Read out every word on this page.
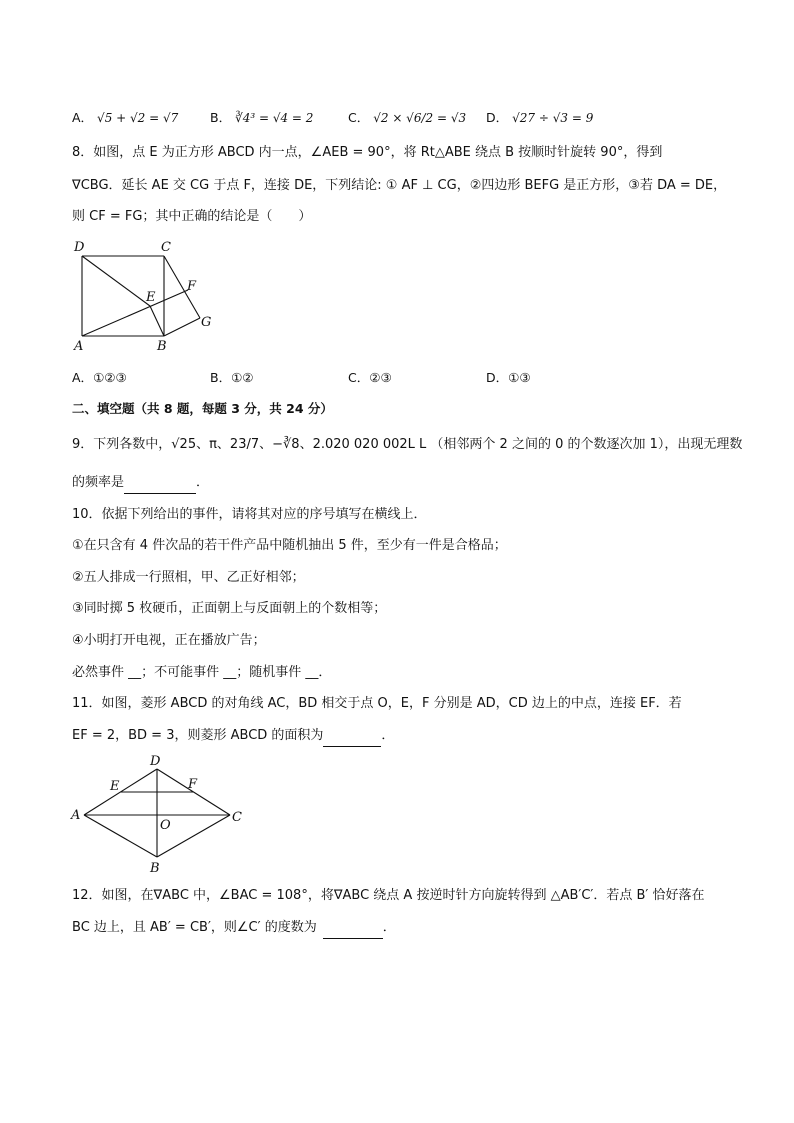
A． √5 + √2 = √7	B． ∛4³ = √4 = 2	C． √2 × √6/2 = √3 D． √27 ÷ √3 = 9
8．如图，点 E 为正方形 ABCD 内一点，∠AEB = 90°，将 Rt△ABE 绕点 B 按顺时针旋转 90°，得到
∇CBG．延长 AE 交 CG 于点 F，连接 DE，下列结论: ① AF ⊥ CG，②四边形 BEFG 是正方形，③若 DA = DE，
则 CF = FG；其中正确的结论是（　　）
D	C
E
F
G
A	B
A．①②③	B．①②	C．②③	D．①③
二、填空题（共 8 题，每题 3 分，共 24 分）
9．下列各数中，√25、π、23/7、−∛8、2.020 020 002L L （相邻两个 2 之间的 0 的个数逐次加 1），出现无理数
的频率是	．
10．依据下列给出的事件，请将其对应的序号填写在横线上．
①在只含有 4 件次品的若干件产品中随机抽出 5 件，至少有一件是合格品；
②五人排成一行照相，甲、乙正好相邻；
③同时掷 5 枚硬币，正面朝上与反面朝上的个数相等；
④小明打开电视，正在播放广告；
必然事件 __；不可能事件 __；随机事件 __．
11．如图，菱形 ABCD 的对角线 AC，BD 相交于点 O，E，F 分别是 AD，CD 边上的中点，连接 EF．若
EF = 2，BD = 3，则菱形 ABCD 的面积为	．
D
E	F
A
O
C
B
12．如图，在∇ABC 中，∠BAC = 108°，将∇ABC 绕点 A 按逆时针方向旋转得到 △AB′C′．若点 B′ 恰好落在
BC 边上，且 AB′ = CB′，则∠C′ 的度数为	．
